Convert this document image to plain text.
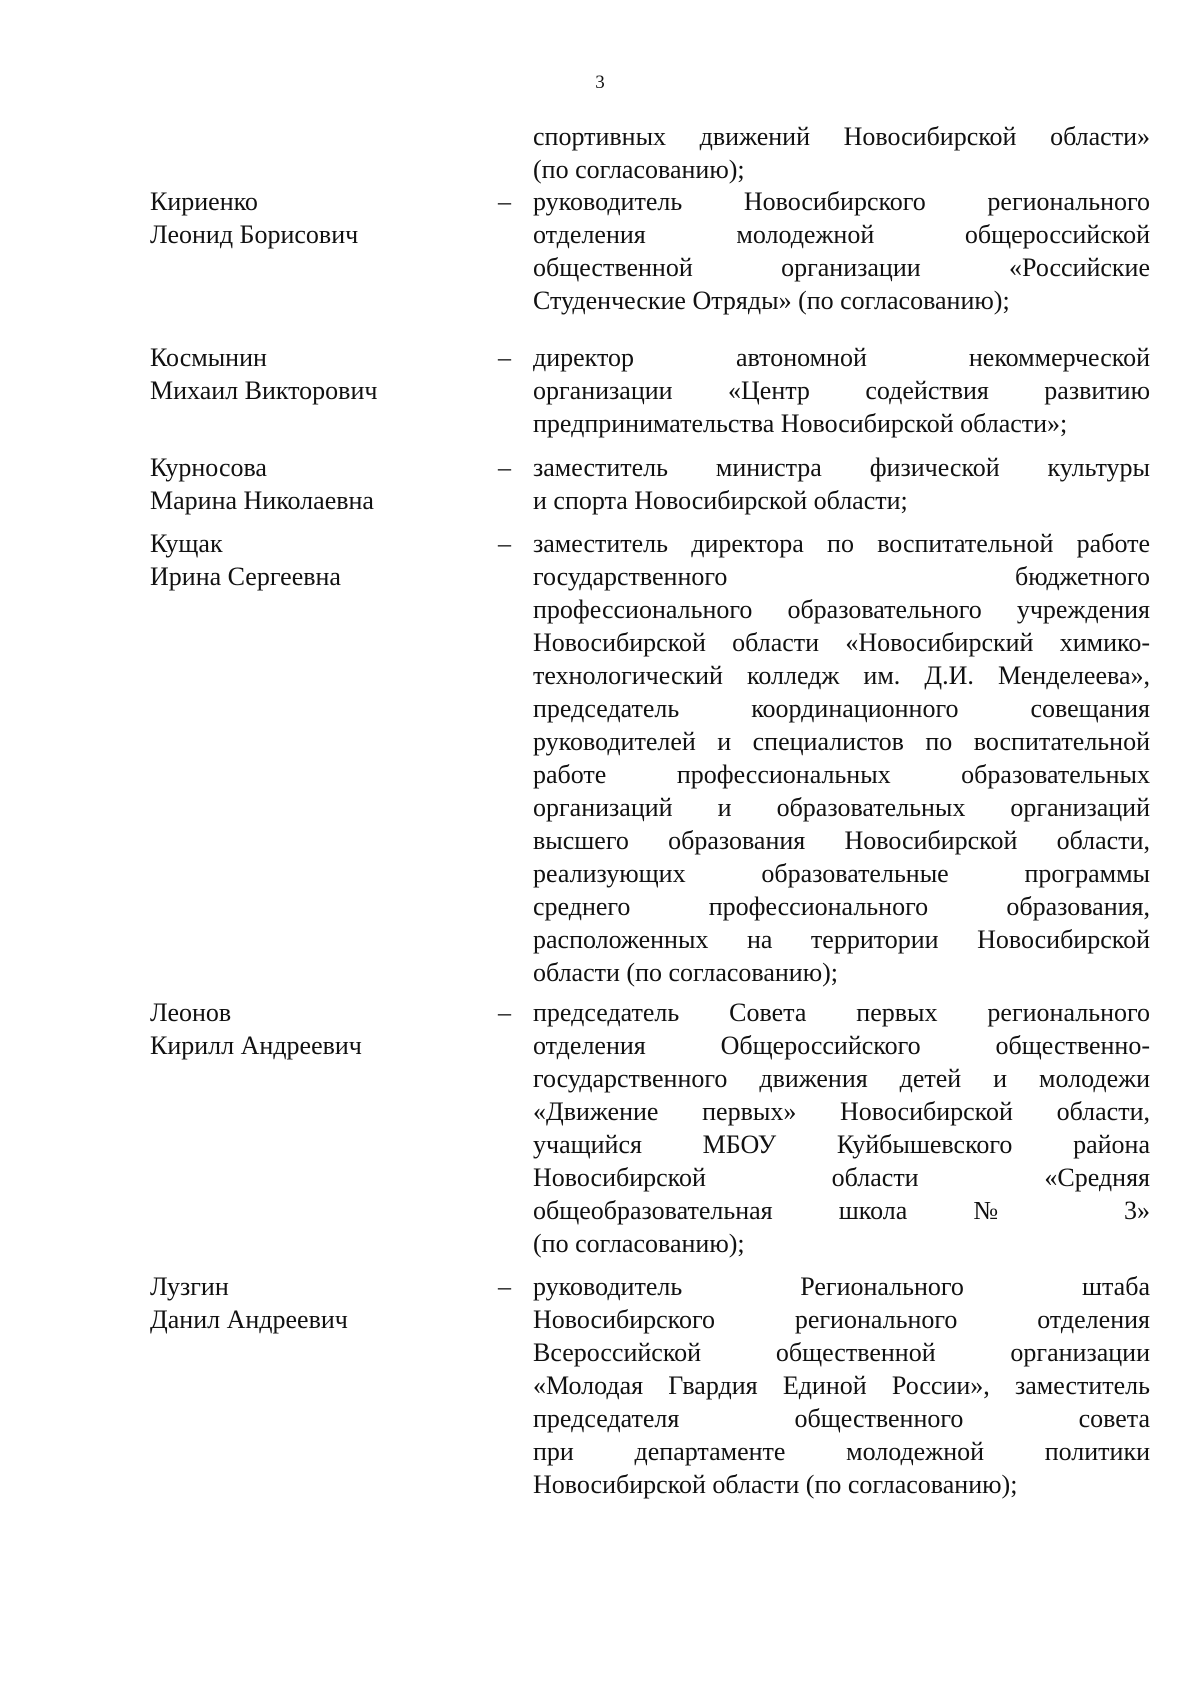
3
спортивных движений Новосибирской области»
(по согласованию);
Кириенко
Леонид Борисович
– руководитель Новосибирского регионального
отделения молодежной общероссийской
общественной организации «Российские
Студенческие Отряды» (по согласованию);
Космынин
Михаил Викторович
– директор автономной некоммерческой
организации «Центр содействия развитию
предпринимательства Новосибирской области»;
Курносова
Марина Николаевна
– заместитель министра физической культуры
и спорта Новосибирской области;
Кущак
Ирина Сергеевна
– заместитель директора по воспитательной работе
государственного бюджетного
профессионального образовательного учреждения
Новосибирской области «Новосибирский химико-
технологический колледж им. Д.И. Менделеева»,
председатель координационного совещания
руководителей и специалистов по воспитательной
работе профессиональных образовательных
организаций и образовательных организаций
высшего образования Новосибирской области,
реализующих образовательные программы
среднего профессионального образования,
расположенных на территории Новосибирской
области (по согласованию);
Леонов
Кирилл Андреевич
– председатель Совета первых регионального
отделения Общероссийского общественно-
государственного движения детей и молодежи
«Движение первых» Новосибирской области,
учащийся МБОУ Куйбышевского района
Новосибирской области «Средняя
общеобразовательная школа № 3»
(по согласованию);
Лузгин
Данил Андреевич
– руководитель Регионального штаба
Новосибирского регионального отделения
Всероссийской общественной организации
«Молодая Гвардия Единой России», заместитель
председателя общественного совета
при департаменте молодежной политики
Новосибирской области (по согласованию);
